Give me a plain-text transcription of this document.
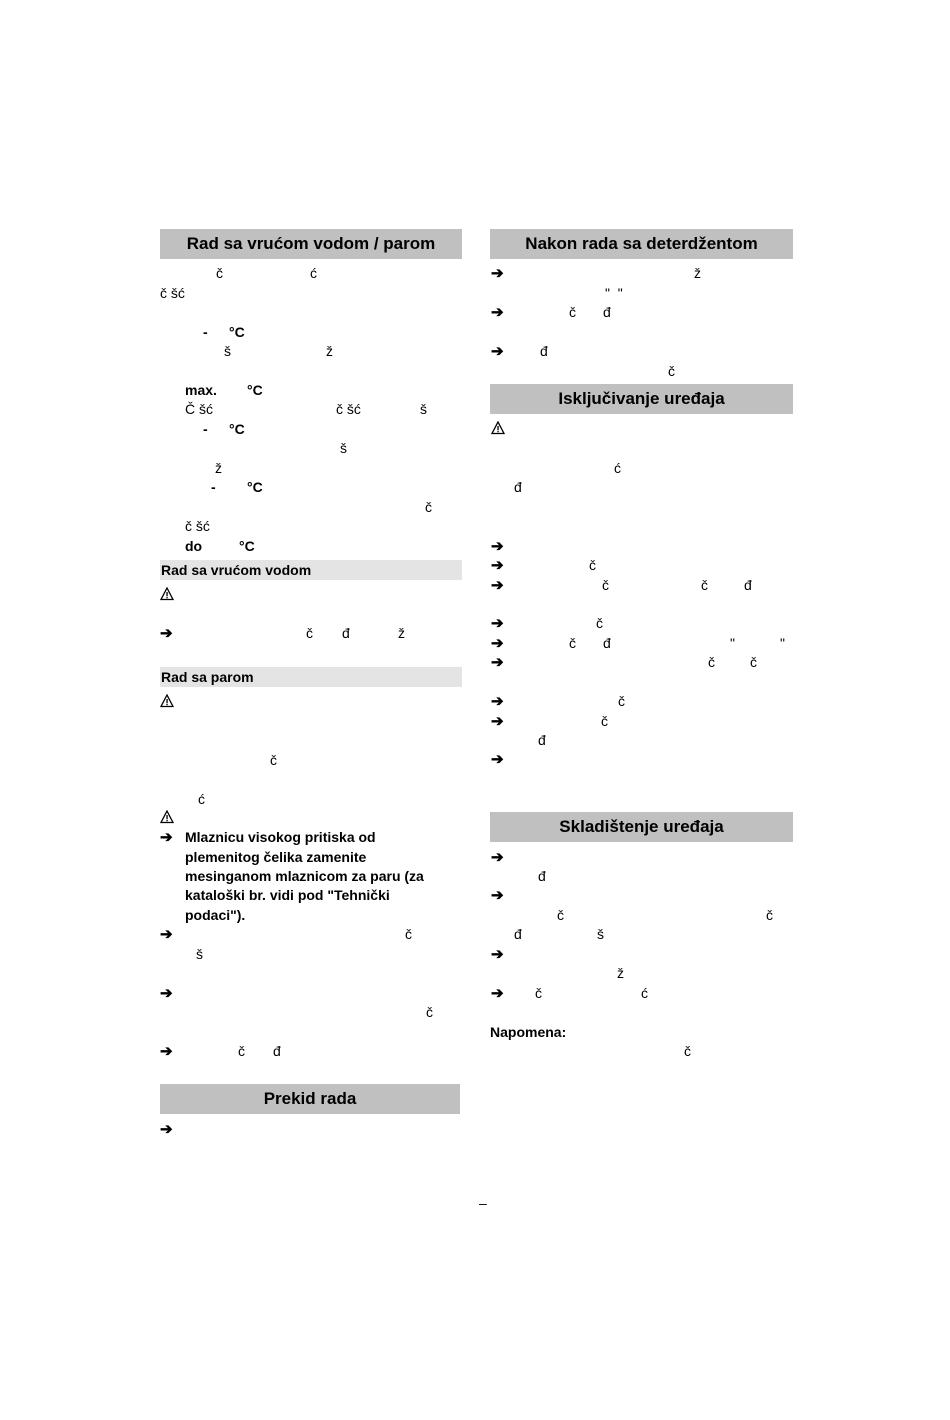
Rad sa vrućom vodom / parom
č	ć
č šć
- °C
š	ž
max. °C
Č šć	č šć	š
- °C
š
ž
- °C
č
č šć
do	°C
Rad sa vrućom vodom
➔	č đ	ž
Rad sa parom
č
ć
➔ Mlaznicu visokog pritiska od
plemenitog čelika zamenite
mesinganom mlaznicom za paru (za
kataloški br. vidi pod "Tehnički
podaci").
➔	č
š
➔
č
➔	č đ
Prekid rada
➔
Nakon rada sa deterdžentom
➔	ž
"  "
➔	č đ
➔	đ
č
Isključivanje uređaja
ć
đ
➔
➔	č
➔	č	č	đ
➔	č
➔	č đ	"	"
➔	č	č
➔	č
➔	č
đ
➔
Skladištenje uređaja
➔
đ
➔
č	č
đ	š
➔
ž
➔ č	ć
Napomena:
č
–
